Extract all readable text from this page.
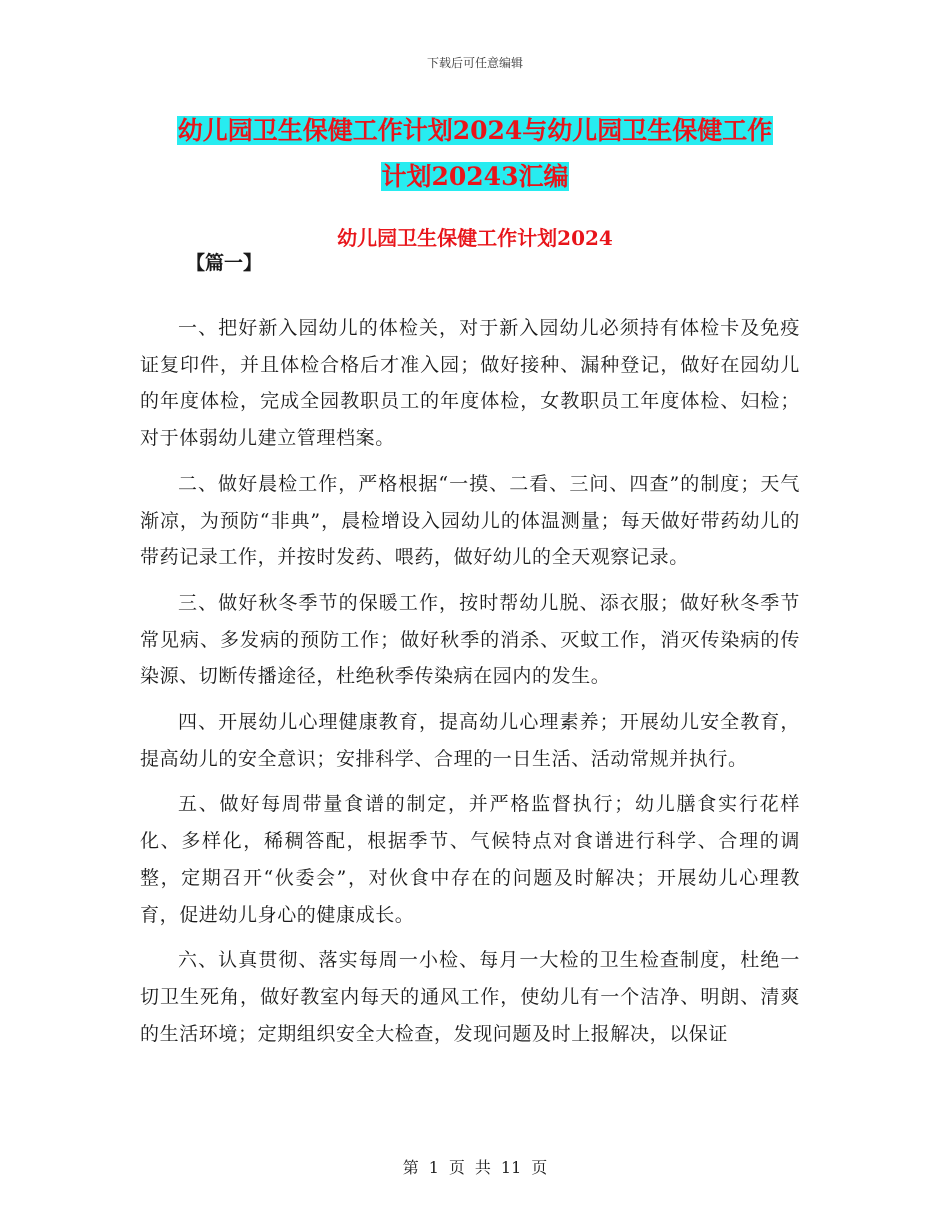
下载后可任意编辑
幼儿园卫生保健工作计划2024与幼儿园卫生保健工作
计划20243汇编
幼儿园卫生保健工作计划2024
【篇一】

一、把好新入园幼儿的体检关，对于新入园幼儿必须持有体检卡及免疫证复印件，并且体检合格后才准入园；做好接种、漏种登记，做好在园幼儿的年度体检，完成全园教职员工的年度体检，女教职员工年度体检、妇检；对于体弱幼儿建立管理档案。

二、做好晨检工作，严格根据“一摸、二看、三问、四查”的制度；天气渐凉，为预防“非典”，晨检增设入园幼儿的体温测量；每天做好带药幼儿的带药记录工作，并按时发药、喂药，做好幼儿的全天观察记录。

三、做好秋冬季节的保暖工作，按时帮幼儿脱、添衣服；做好秋冬季节常见病、多发病的预防工作；做好秋季的消杀、灭蚊工作，消灭传染病的传染源、切断传播途径，杜绝秋季传染病在园内的发生。

四、开展幼儿心理健康教育，提高幼儿心理素养；开展幼儿安全教育，提高幼儿的安全意识；安排科学、合理的一日生活、活动常规并执行。

五、做好每周带量食谱的制定，并严格监督执行；幼儿膳食实行花样化、多样化，稀稠答配，根据季节、气候特点对食谱进行科学、合理的调整，定期召开“伙委会”，对伙食中存在的问题及时解决；开展幼儿心理教育，促进幼儿身心的健康成长。

六、认真贯彻、落实每周一小检、每月一大检的卫生检查制度，杜绝一切卫生死角，做好教室内每天的通风工作，使幼儿有一个洁净、明朗、清爽的生活环境；定期组织安全大检查，发现问题及时上报解决，以保证

第 1 页 共 11 页
